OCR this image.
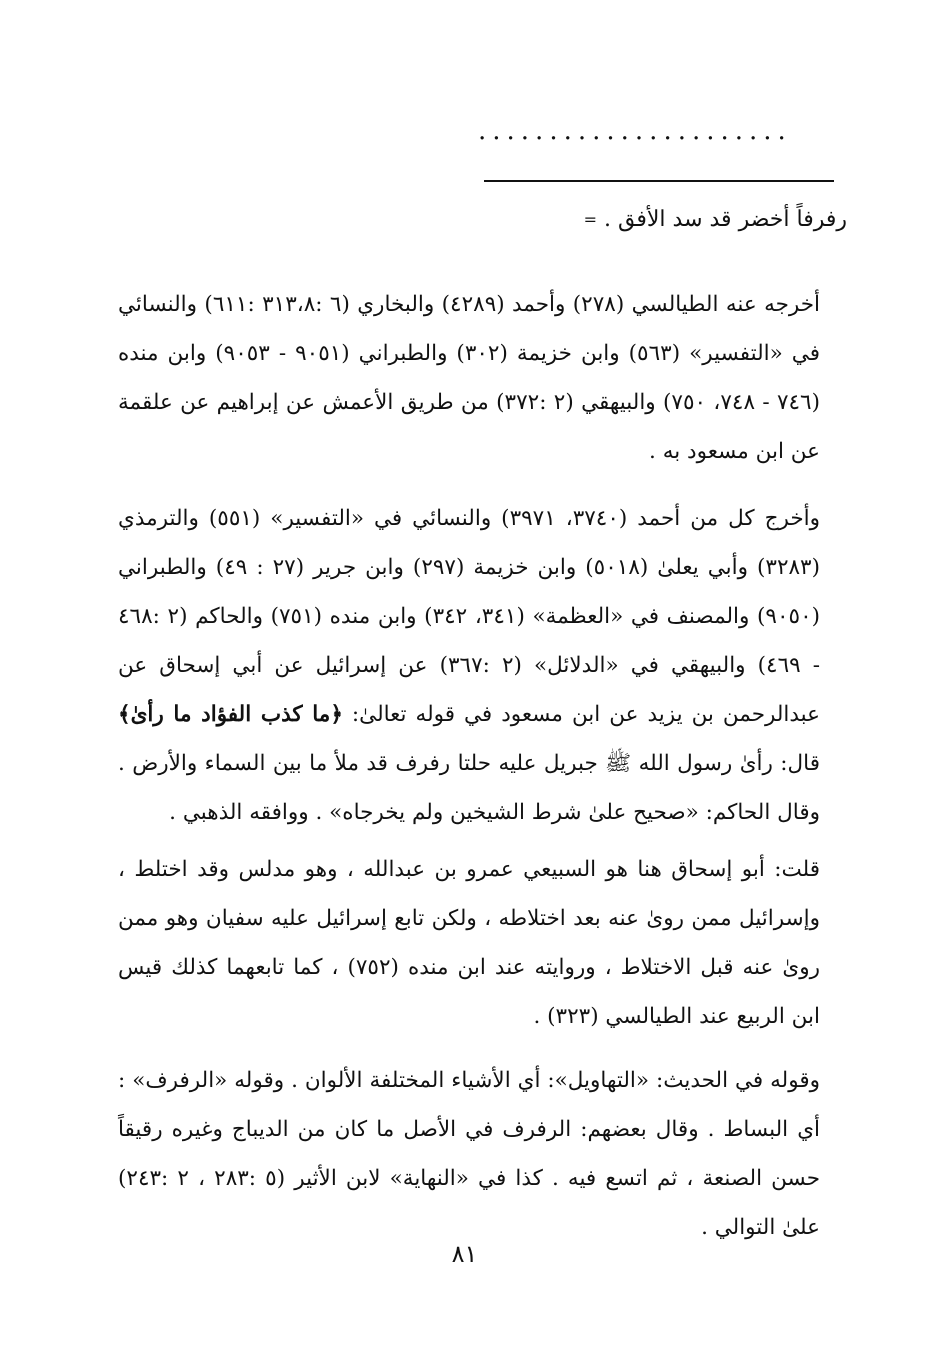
......................
رفرفاً أخضر قد سد الأفق . =

أخرجه عنه الطيالسي (٢٧٨) وأحمد (٤٢٨٩) والبخاري (٦ :٣١٣،٨ :٦١١) والنسائي في «التفسير» (٥٦٣) وابن خزيمة (٣٠٢) والطبراني (٩٠٥١ - ٩٠٥٣) وابن منده (٧٤٦ - ٧٤٨، ٧٥٠) والبيهقي (٢ :٣٧٢) من طريق الأعمش عن إبراهيم عن علقمة عن ابن مسعود به .

وأخرج كل من أحمد (٣٧٤٠، ٣٩٧١) والنسائي في «التفسير» (٥٥١) والترمذي (٣٢٨٣) وأبي يعلىٰ (٥٠١٨) وابن خزيمة (٢٩٧) وابن جرير (٢٧ : ٤٩) والطبراني (٩٠٥٠) والمصنف في «العظمة» (٣٤١، ٣٤٢) وابن منده (٧٥١) والحاكم (٢ :٤٦٨ - ٤٦٩) والبيهقي في «الدلائل» (٢ :٣٦٧) عن إسرائيل عن أبي إسحاق عن عبدالرحمن بن يزيد عن ابن مسعود في قوله تعالىٰ: ﴿ما كذب الفؤاد ما رأىٰ﴾ قال: رأىٰ رسول الله ﷺ جبريل عليه حلتا رفرف قد ملأ ما بين السماء والأرض . وقال الحاكم: «صحيح علىٰ شرط الشيخين ولم يخرجاه» . ووافقه الذهبي .

قلت: أبو إسحاق هنا هو السبيعي عمرو بن عبدالله ، وهو مدلس وقد اختلط ، وإسرائيل ممن روىٰ عنه بعد اختلاطه ، ولكن تابع إسرائيل عليه سفيان وهو ممن روىٰ عنه قبل الاختلاط ، وروايته عند ابن منده (٧٥٢) ، كما تابعهما كذلك قيس ابن الربيع عند الطيالسي (٣٢٣) .

وقوله في الحديث: «التهاويل»: أي الأشياء المختلفة الألوان . وقوله «الرفرف» : أي البساط . وقال بعضهم: الرفرف في الأصل ما كان من الديباج وغيره رقيقاً حسن الصنعة ، ثم اتسع فيه . كذا في «النهاية» لابن الأثير (٥ :٢٨٣ ، ٢ :٢٤٣) علىٰ التوالي .

٨١
